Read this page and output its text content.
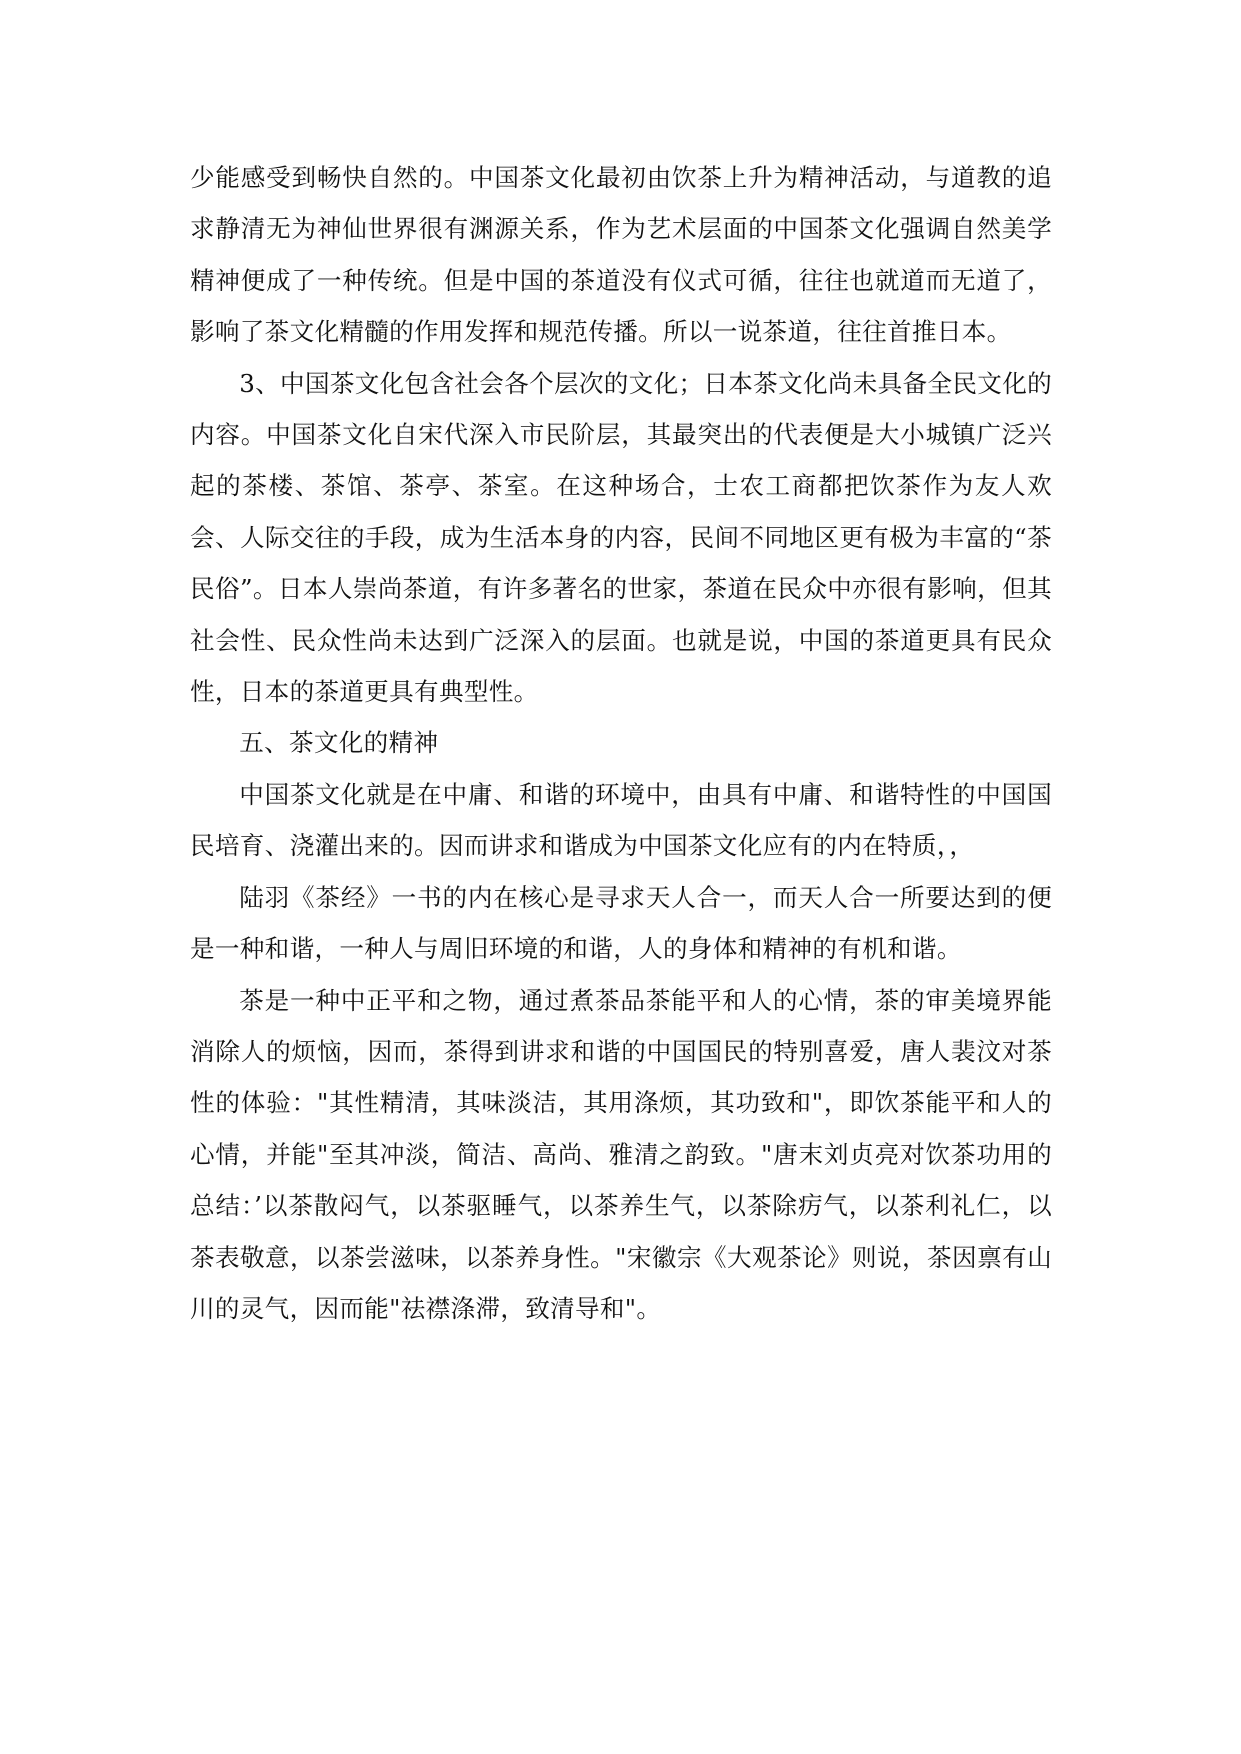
少能感受到畅快自然的。中国茶文化最初由饮茶上升为精神活动，与道教的追求静清无为神仙世界很有渊源关系，作为艺术层面的中国茶文化强调自然美学精神便成了一种传统。但是中国的茶道没有仪式可循，往往也就道而无道了，影响了茶文化精髓的作用发挥和规范传播。所以一说茶道，往往首推日本。

3、中国茶文化包含社会各个层次的文化；日本茶文化尚未具备全民文化的内容。中国茶文化自宋代深入市民阶层，其最突出的代表便是大小城镇广泛兴起的茶楼、茶馆、茶亭、茶室。在这种场合，士农工商都把饮茶作为友人欢会、人际交往的手段，成为生活本身的内容，民间不同地区更有极为丰富的“茶民俗”。日本人崇尚茶道，有许多著名的世家，茶道在民众中亦很有影响，但其社会性、民众性尚未达到广泛深入的层面。也就是说，中国的茶道更具有民众性，日本的茶道更具有典型性。

五、茶文化的精神

中国茶文化就是在中庸、和谐的环境中，由具有中庸、和谐特性的中国国民培育、浇灌出来的。因而讲求和谐成为中国茶文化应有的内在特质，，

陆羽《茶经》一书的内在核心是寻求天人合一，而天人合一所要达到的便是一种和谐，一种人与周旧环境的和谐，人的身体和精神的有机和谐。

茶是一种中正平和之物，通过煮茶品茶能平和人的心情，茶的审美境界能消除人的烦恼，因而，茶得到讲求和谐的中国国民的特别喜爱，唐人裴汶对茶性的体验："其性精清，其味淡洁，其用涤烦，其功致和"，即饮茶能平和人的心情，并能"至其冲淡，简洁、高尚、雅清之韵致。"唐末刘贞亮对饮茶功用的总结：’以茶散闷气，以茶驱睡气，以茶养生气，以茶除疠气，以茶利礼仁，以茶表敬意，以茶尝滋味，以茶养身性。"宋徽宗《大观茶论》则说，茶因禀有山川的灵气，因而能"祛襟涤滞，致清导和"。
